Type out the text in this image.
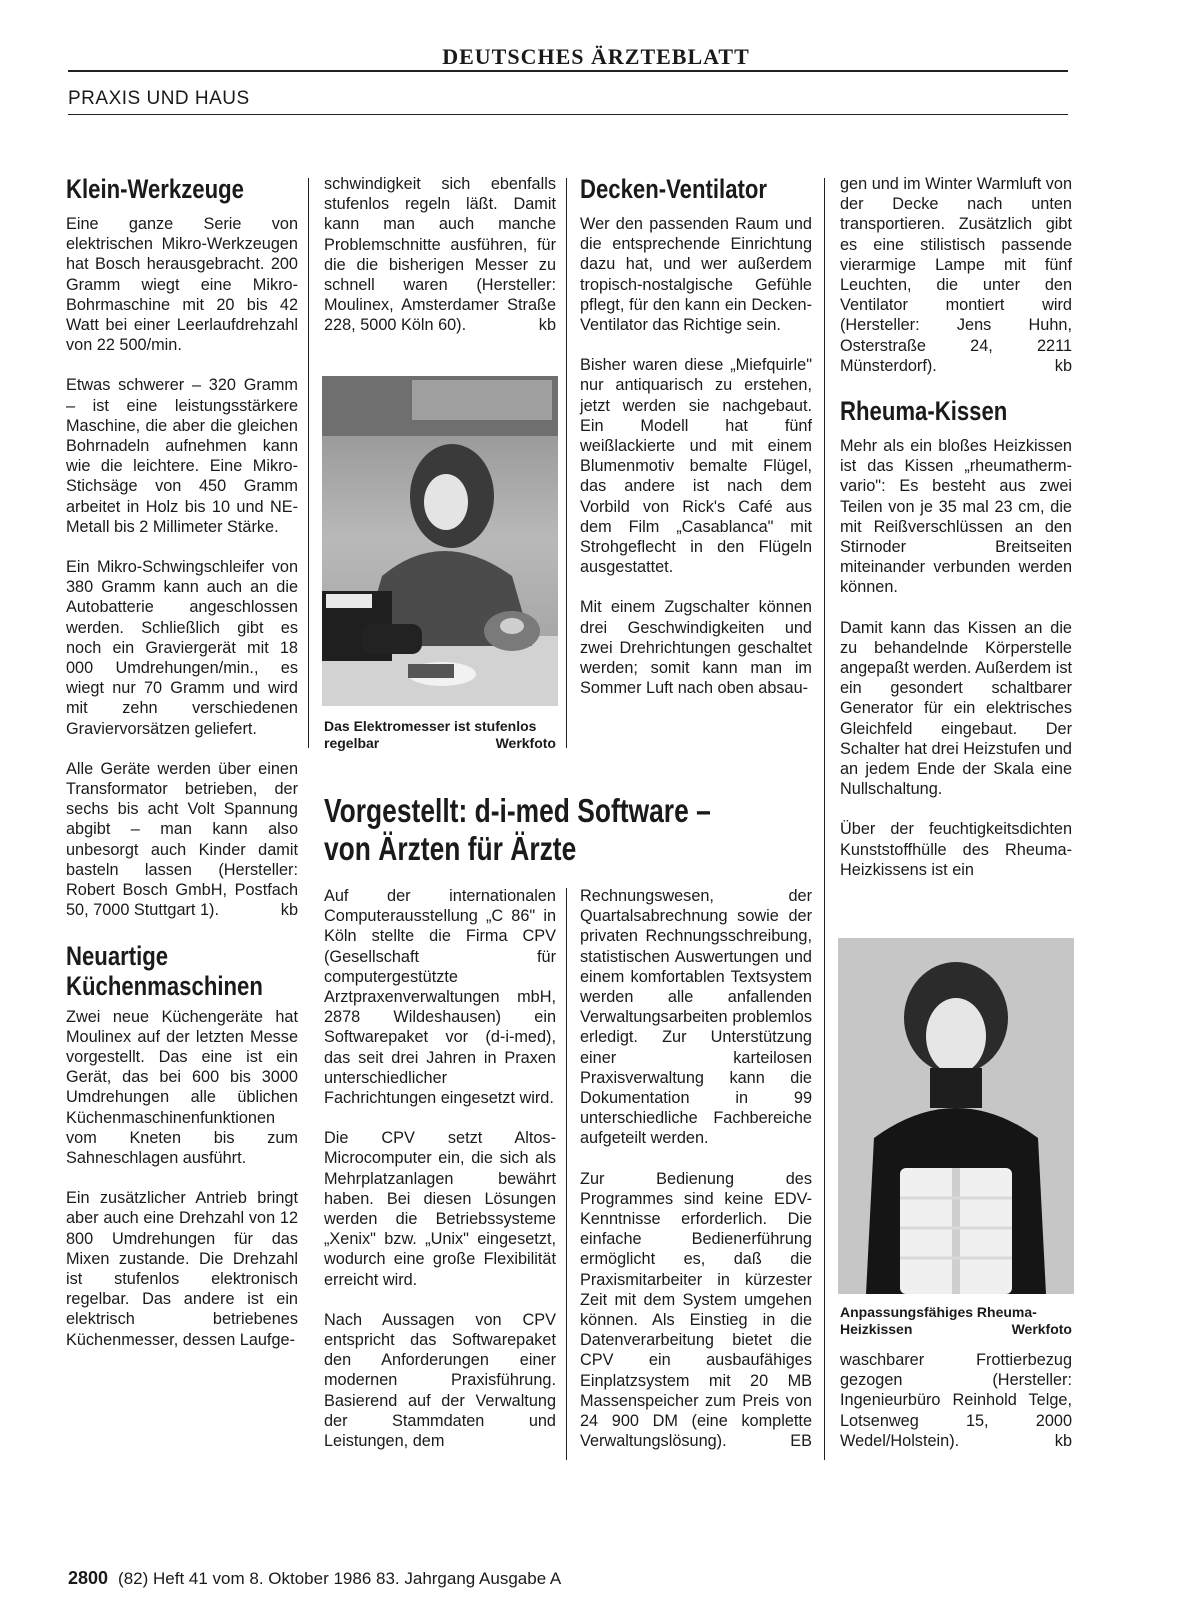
DEUTSCHES ÄRZTEBLATT
PRAXIS UND HAUS
Klein-Werkzeuge

Eine ganze Serie von elektrischen Mikro-Werkzeugen hat Bosch herausgebracht. 200 Gramm wiegt eine Mikro-Bohrmaschine mit 20 bis 42 Watt bei einer Leerlaufdrehzahl von 22 500/min.

Etwas schwerer – 320 Gramm – ist eine leistungsstärkere Maschine, die aber die gleichen Bohrnadeln aufnehmen kann wie die leichtere. Eine Mikro-Stichsäge von 450 Gramm arbeitet in Holz bis 10 und NE-Metall bis 2 Millimeter Stärke.

Ein Mikro-Schwingschleifer von 380 Gramm kann auch an die Autobatterie angeschlossen werden. Schließlich gibt es noch ein Graviergerät mit 18 000 Umdrehungen/min., es wiegt nur 70 Gramm und wird mit zehn verschiedenen Graviervorsätzen geliefert.

Alle Geräte werden über einen Transformator betrieben, der sechs bis acht Volt Spannung abgibt – man kann also unbesorgt auch Kinder damit basteln lassen (Hersteller: Robert Bosch GmbH, Postfach 50, 7000 Stuttgart 1).	kb

Neuartige
Küchenmaschinen

Zwei neue Küchengeräte hat Moulinex auf der letzten Messe vorgestellt. Das eine ist ein Gerät, das bei 600 bis 3000 Umdrehungen alle üblichen Küchenmaschinenfunktionen vom Kneten bis zum Sahneschlagen ausführt.

Ein zusätzlicher Antrieb bringt aber auch eine Drehzahl von 12 800 Umdrehungen für das Mixen zustande. Die Drehzahl ist stufenlos elektronisch regelbar. Das andere ist ein elektrisch betriebenes Küchenmesser, dessen Laufge-

schwindigkeit sich ebenfalls stufenlos regeln läßt. Damit kann man auch manche Problemschnitte ausführen, für die die bisherigen Messer zu schnell waren (Hersteller: Moulinex, Amsterdamer Straße 228, 5000 Köln 60).	kb

Das Elektromesser ist stufenlos regelbar	Werkfoto
Decken-Ventilator

Wer den passenden Raum und die entsprechende Einrichtung dazu hat, und wer außerdem tropisch-nostalgische Gefühle pflegt, für den kann ein Decken-Ventilator das Richtige sein.

Bisher waren diese „Miefquirle" nur antiquarisch zu erstehen, jetzt werden sie nachgebaut. Ein Modell hat fünf weißlackierte und mit einem Blumenmotiv bemalte Flügel, das andere ist nach dem Vorbild von Rick's Café aus dem Film „Casablanca" mit Strohgeflecht in den Flügeln ausgestattet.

Mit einem Zugschalter können drei Geschwindigkeiten und zwei Drehrichtungen geschaltet werden; somit kann man im Sommer Luft nach oben absau-

gen und im Winter Warmluft von der Decke nach unten transportieren. Zusätzlich gibt es eine stilistisch passende vierarmige Lampe mit fünf Leuchten, die unter den Ventilator montiert wird (Hersteller: Jens Huhn, Osterstraße 24, 2211 Münsterdorf).	kb

Rheuma-Kissen

Mehr als ein bloßes Heizkissen ist das Kissen „rheumatherm-vario": Es besteht aus zwei Teilen von je 35 mal 23 cm, die mit Reißverschlüssen an den Stirnoder Breitseiten miteinander verbunden werden können.

Damit kann das Kissen an die zu behandelnde Körperstelle angepaßt werden. Außerdem ist ein gesondert schaltbarer Generator für ein elektrisches Gleichfeld eingebaut. Der Schalter hat drei Heizstufen und an jedem Ende der Skala eine Nullschaltung.

Über der feuchtigkeitsdichten Kunststoffhülle des Rheuma-Heizkissens ist ein

Anpassungsfähiges Rheuma-Heizkissen	Werkfoto

waschbarer Frottierbezug gezogen (Hersteller: Ingenieurbüro Reinhold Telge, Lotsenweg 15, 2000 Wedel/Holstein).	kb

Vorgestellt: d-i-med Software –
von Ärzten für Ärzte

Auf der internationalen Computerausstellung „C 86" in Köln stellte die Firma CPV (Gesellschaft für computergestützte Arztpraxenverwaltungen mbH, 2878 Wildeshausen) ein Softwarepaket vor (d-i-med), das seit drei Jahren in Praxen unterschiedlicher Fachrichtungen eingesetzt wird.

Die CPV setzt Altos-Microcomputer ein, die sich als Mehrplatzanlagen bewährt haben. Bei diesen Lösungen werden die Betriebssysteme „Xenix" bzw. „Unix" eingesetzt, wodurch eine große Flexibilität erreicht wird.

Nach Aussagen von CPV entspricht das Softwarepaket den Anforderungen einer modernen Praxisführung. Basierend auf der Verwaltung der Stammdaten und Leistungen, dem

Rechnungswesen, der Quartalsabrechnung sowie der privaten Rechnungsschreibung, statistischen Auswertungen und einem komfortablen Textsystem werden alle anfallenden Verwaltungsarbeiten problemlos erledigt. Zur Unterstützung einer karteilosen Praxisverwaltung kann die Dokumentation in 99 unterschiedliche Fachbereiche aufgeteilt werden.

Zur Bedienung des Programmes sind keine EDV-Kenntnisse erforderlich. Die einfache Bedienerführung ermöglicht es, daß die Praxismitarbeiter in kürzester Zeit mit dem System umgehen können. Als Einstieg in die Datenverarbeitung bietet die CPV ein ausbaufähiges Einplatzsystem mit 20 MB Massenspeicher zum Preis von 24 900 DM (eine komplette Verwaltungslösung).	EB

2800 (82) Heft 41 vom 8. Oktober 1986 83. Jahrgang Ausgabe A
